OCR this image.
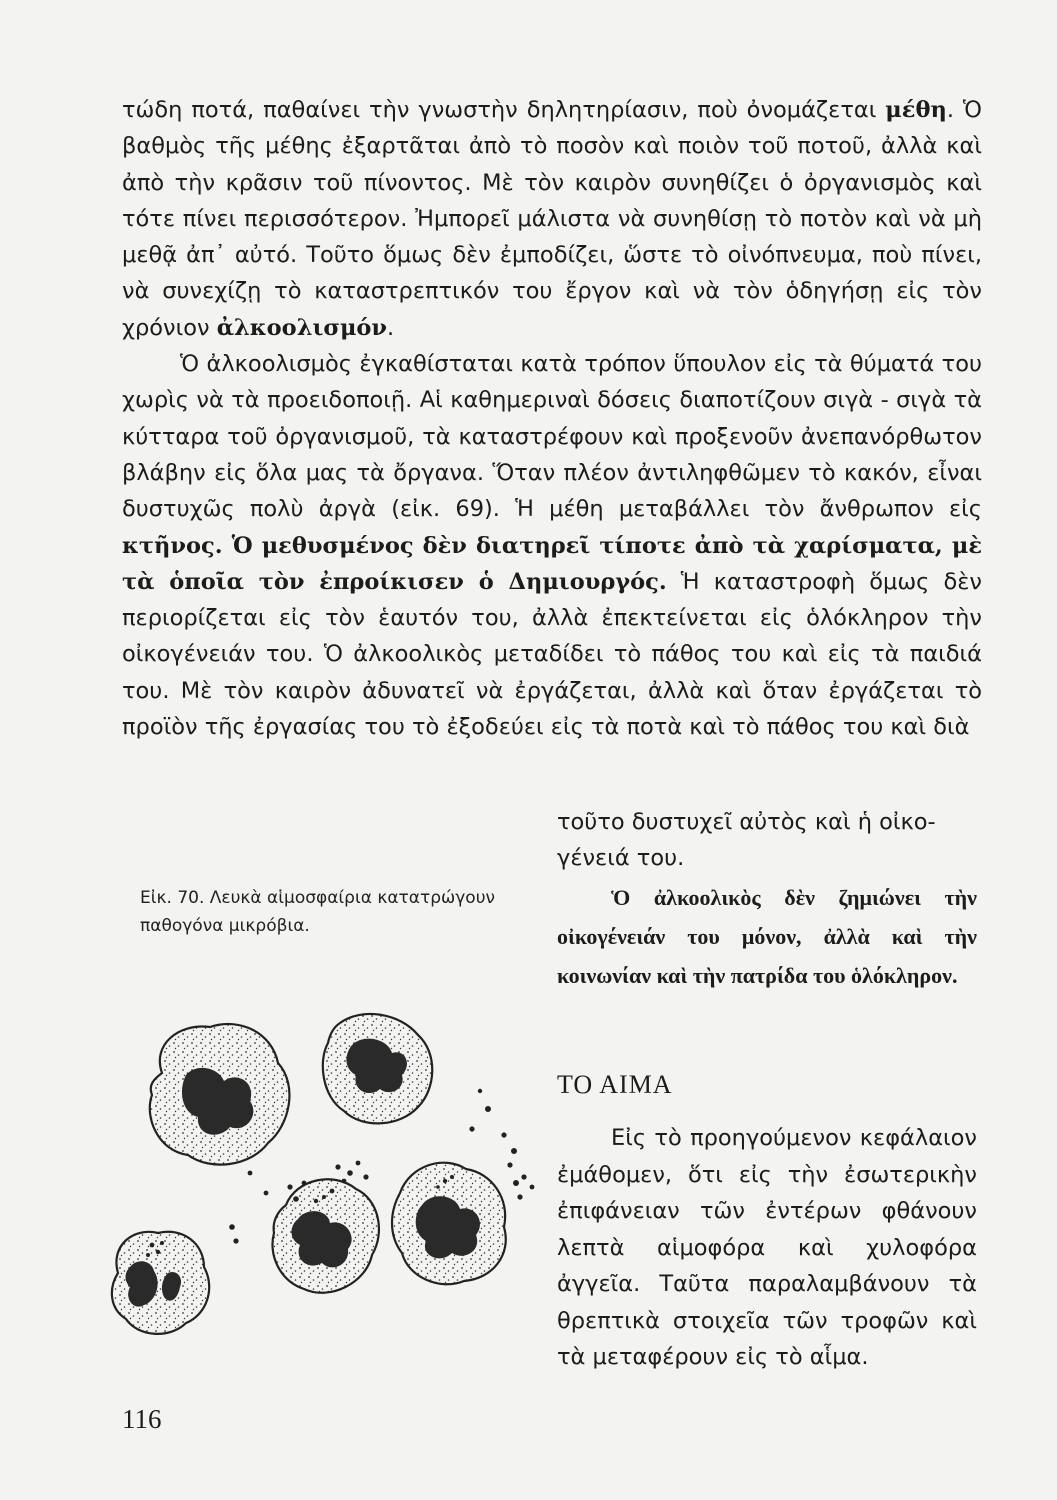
τώδη ποτά, παθαίνει τὴν γνωστὴν δηλητηρίασιν, ποὺ ὀνομάζεται μέθη. Ὁ βαθμὸς τῆς μέθης ἐξαρτᾶται ἀπὸ τὸ ποσὸν καὶ ποιὸν τοῦ ποτοῦ, ἀλλὰ καὶ ἀπὸ τὴν κρᾶσιν τοῦ πίνοντος. Μὲ τὸν καιρὸν συνηθίζει ὁ ὀργανισμὸς καὶ τότε πίνει περισσότερον. Ἠμπορεῖ μάλιστα νὰ συνηθίσῃ τὸ ποτὸν καὶ νὰ μὴ μεθᾷ ἀπ᾽ αὐτό. Τοῦτο ὅμως δὲν ἐμποδίζει, ὥστε τὸ οἰνόπνευμα, ποὺ πίνει, νὰ συνεχίζῃ τὸ καταστρεπτικόν του ἔργον καὶ νὰ τὸν ὁδηγήσῃ εἰς τὸν χρόνιον ἀλκοολισμόν.

Ὁ ἀλκοολισμὸς ἐγκαθίσταται κατὰ τρόπον ὕπουλον εἰς τὰ θύματά του χωρὶς νὰ τὰ προειδοποιῇ. Αἱ καθημεριναὶ δόσεις διαποτίζουν σιγὰ - σιγὰ τὰ κύτταρα τοῦ ὀργανισμοῦ, τὰ καταστρέφουν καὶ προξενοῦν ἀνεπανόρθωτον βλάβην εἰς ὅλα μας τὰ ὄργανα. Ὅταν πλέον ἀντιληφθῶμεν τὸ κακόν, εἶναι δυστυχῶς πολὺ ἀργὰ (εἰκ. 69). Ἡ μέθη μεταβάλλει τὸν ἄνθρωπον εἰς κτῆνος. Ὁ μεθυσμένος δὲν διατηρεῖ τίποτε ἀπὸ τὰ χαρίσματα, μὲ τὰ ὁποῖα τὸν ἐπροίκισεν ὁ Δημιουργός. Ἡ καταστροφὴ ὅμως δὲν περιορίζεται εἰς τὸν ἑαυτόν του, ἀλλὰ ἐπεκτείνεται εἰς ὁλόκληρον τὴν οἰκογένειάν του. Ὁ ἀλκοολικὸς μεταδίδει τὸ πάθος του καὶ εἰς τὰ παιδιά του. Μὲ τὸν καιρὸν ἀδυνατεῖ νὰ ἐργάζεται, ἀλλὰ καὶ ὅταν ἐργάζεται τὸ προϊὸν τῆς ἐργασίας του τὸ ἐξοδεύει εἰς τὰ ποτὰ καὶ τὸ πάθος του καὶ διὰ

τοῦτο δυστυχεῖ αὐτὸς καὶ ἡ οἰκο-

γένειά του.

Εἰκ. 70. Λευκὰ αἱμοσφαίρια κατατρώγουν παθογόνα μικρόβια.

Ὁ ἀλκοολικὸς δὲν ζημιώνει τὴν οἰκογένειάν του μόνον, ἀλλὰ καὶ τὴν κοινωνίαν καὶ τὴν πατρίδα του ὁλόκληρον.

ΤΟ ΑΙΜΑ

Εἰς τὸ προηγούμενον κεφάλαιον ἐμάθομεν, ὅτι εἰς τὴν ἐσωτερικὴν ἐπιφάνειαν τῶν ἐντέρων φθάνουν λεπτὰ αἱμοφόρα καὶ χυλοφόρα ἀγγεῖα. Ταῦτα παραλαμβάνουν τὰ θρεπτικὰ στοιχεῖα τῶν τροφῶν καὶ τὰ μεταφέρουν εἰς τὸ αἷμα.

116
